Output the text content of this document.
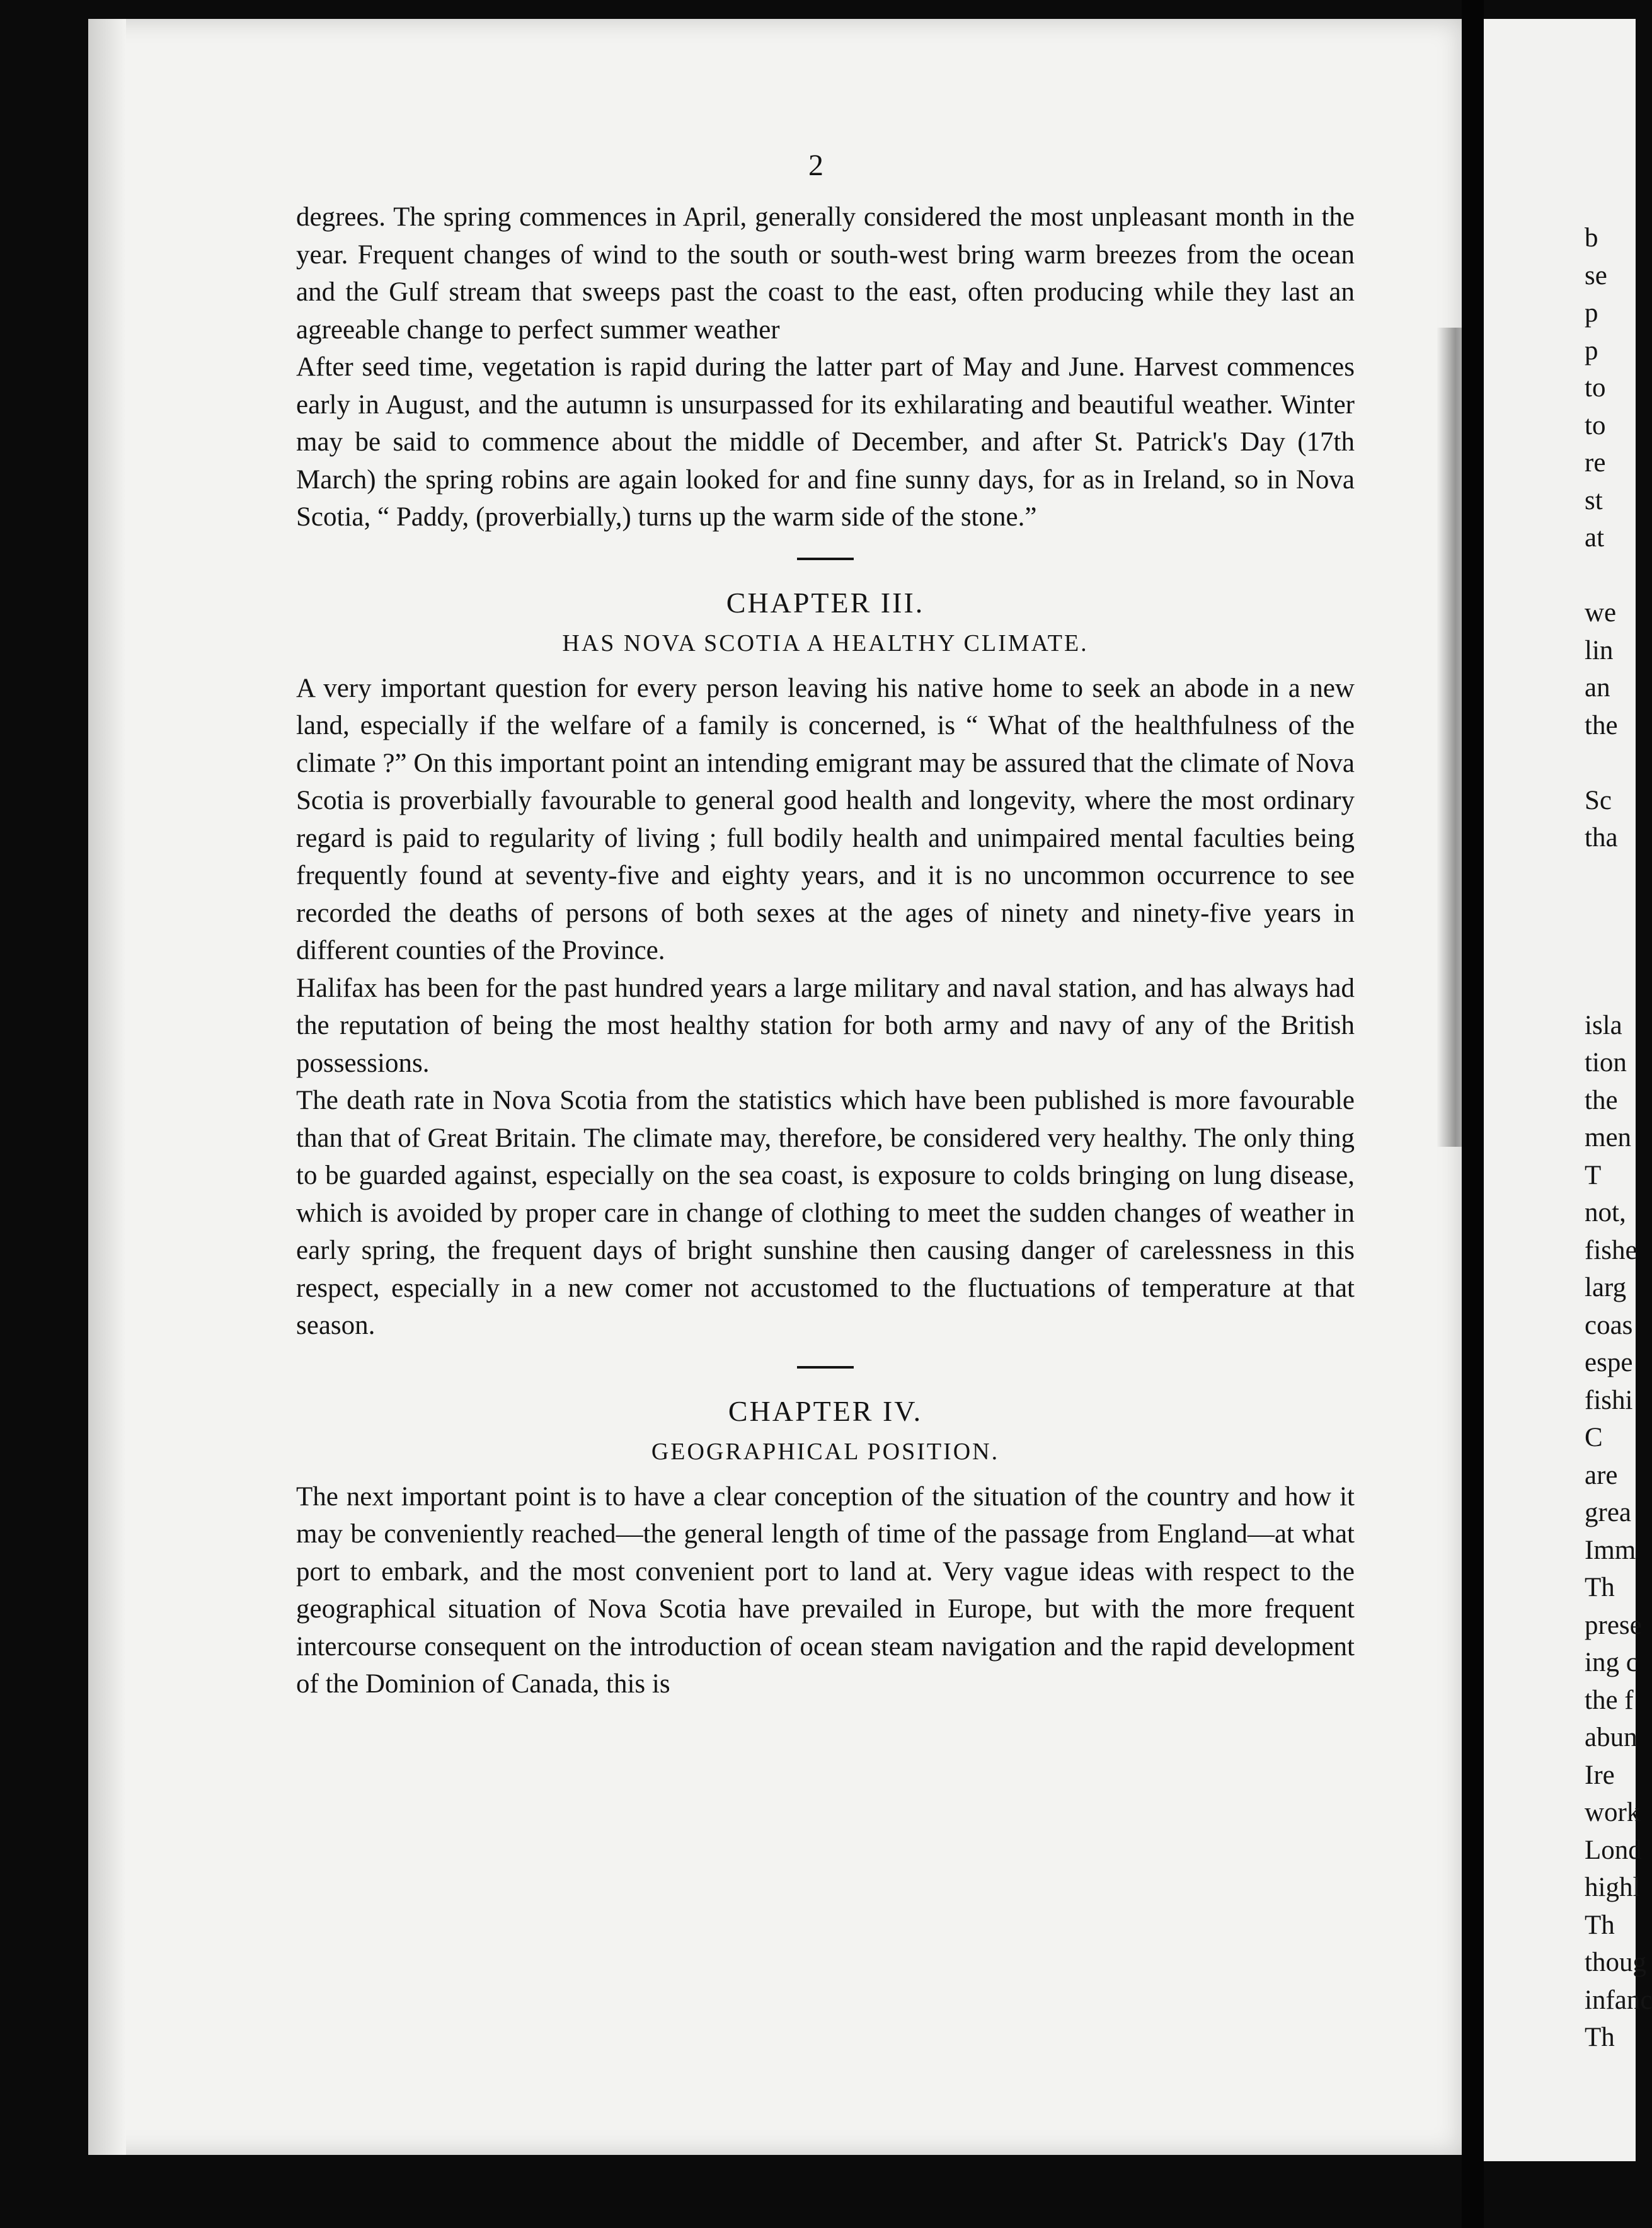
b
se
p
p
to
to
re
st
at
we
lin
an
the
Sc
tha
isla
tion
the
men
T
not,
fishe
larg
coas
espe
fishi
C
are
grea
Imm
Th
prese
ing c
the f
abun
Ire
work
Lond
highl
Th
thoug
infanc
Th
2

degrees. The spring commences in April, generally considered the most unpleasant month in the year. Frequent changes of wind to the south or south-west bring warm breezes from the ocean and the Gulf stream that sweeps past the coast to the east, often producing while they last an agreeable change to perfect summer weather

After seed time, vegetation is rapid during the latter part of May and June. Harvest commences early in August, and the autumn is unsurpassed for its exhilarating and beautiful weather. Winter may be said to commence about the middle of December, and after St. Patrick's Day (17th March) the spring robins are again looked for and fine sunny days, for as in Ireland, so in Nova Scotia, “ Paddy, (proverbially,) turns up the warm side of the stone.”

CHAPTER III.
HAS NOVA SCOTIA A HEALTHY CLIMATE.

A very important question for every person leaving his native home to seek an abode in a new land, especially if the welfare of a family is concerned, is “ What of the healthfulness of the climate ?” On this important point an intending emigrant may be assured that the climate of Nova Scotia is proverbially favourable to general good health and longevity, where the most ordinary regard is paid to regularity of living ; full bodily health and unimpaired mental faculties being frequently found at seventy-five and eighty years, and it is no uncommon occurrence to see recorded the deaths of persons of both sexes at the ages of ninety and ninety-five years in different counties of the Province.

Halifax has been for the past hundred years a large military and naval station, and has always had the reputation of being the most healthy station for both army and navy of any of the British possessions.

The death rate in Nova Scotia from the statistics which have been published is more favourable than that of Great Britain. The climate may, therefore, be considered very healthy. The only thing to be guarded against, especially on the sea coast, is exposure to colds bringing on lung disease, which is avoided by proper care in change of clothing to meet the sudden changes of weather in early spring, the frequent days of bright sunshine then causing danger of carelessness in this respect, especially in a new comer not accustomed to the fluctuations of temperature at that season.

CHAPTER IV.
GEOGRAPHICAL POSITION.

The next important point is to have a clear conception of the situation of the country and how it may be conveniently reached—the general length of time of the passage from England—at what port to embark, and the most convenient port to land at. Very vague ideas with respect to the geographical situation of Nova Scotia have prevailed in Europe, but with the more frequent intercourse consequent on the introduction of ocean steam navigation and the rapid development of the Dominion of Canada, this is
